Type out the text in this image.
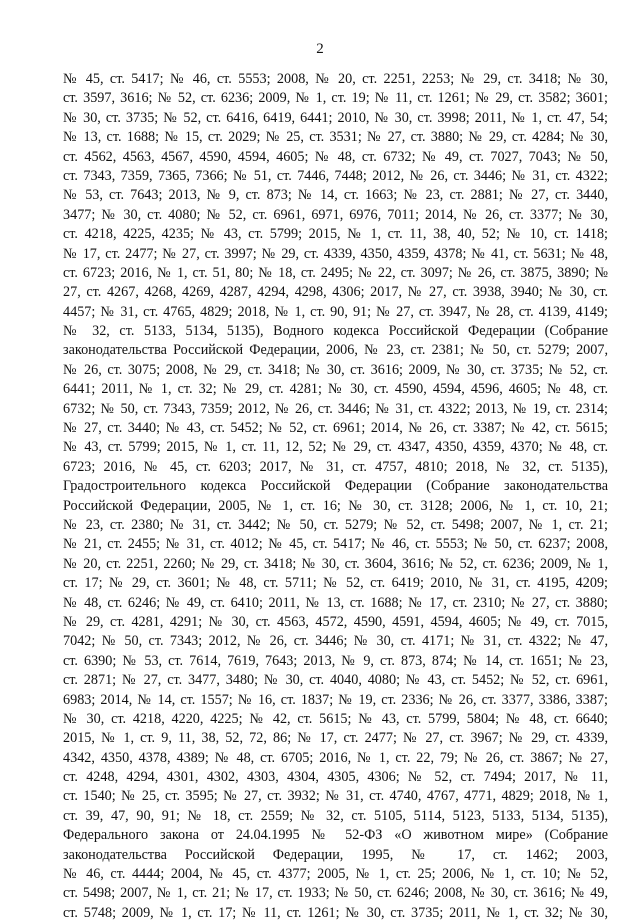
2
№ 45, ст. 5417; № 46, ст. 5553; 2008, № 20, ст. 2251, 2253; № 29, ст. 3418; № 30,
ст. 3597, 3616; № 52, ст. 6236; 2009, № 1, ст. 19; № 11, ст. 1261; № 29, ст. 3582; 3601;
№ 30, ст. 3735; № 52, ст. 6416, 6419, 6441; 2010, № 30, ст. 3998; 2011, № 1, ст. 47, 54;
№ 13, ст. 1688; № 15, ст. 2029; № 25, ст. 3531; № 27, ст. 3880; № 29, ст. 4284; № 30,
ст. 4562, 4563, 4567, 4590, 4594, 4605; № 48, ст. 6732; № 49, ст. 7027, 7043; № 50,
ст. 7343, 7359, 7365, 7366; № 51, ст. 7446, 7448; 2012, № 26, ст. 3446; № 31, ст. 4322;
№ 53, ст. 7643; 2013, № 9, ст. 873; № 14, ст. 1663; № 23, ст. 2881; № 27, ст. 3440,
3477; № 30, ст. 4080; № 52, ст. 6961, 6971, 6976, 7011; 2014, № 26, ст. 3377; № 30,
ст. 4218, 4225, 4235; № 43, ст. 5799; 2015, № 1, ст. 11, 38, 40, 52; № 10, ст. 1418;
№ 17, ст. 2477; № 27, ст. 3997; № 29, ст. 4339, 4350, 4359, 4378; № 41, ст. 5631; № 48,
ст. 6723; 2016, № 1, ст. 51, 80; № 18, ст. 2495; № 22, ст. 3097; № 26, ст. 3875, 3890; №
27, ст. 4267, 4268, 4269, 4287, 4294, 4298, 4306; 2017, № 27, ст. 3938, 3940; № 30, ст.
4457; № 31, ст. 4765, 4829; 2018, № 1, ст. 90, 91; № 27, ст. 3947, № 28, ст. 4139, 4149;
№ 32, ст. 5133, 5134, 5135), Водного кодекса Российской Федерации (Собрание
законодательства Российской Федерации, 2006, № 23, ст. 2381; № 50, ст. 5279; 2007,
№ 26, ст. 3075; 2008, № 29, ст. 3418; № 30, ст. 3616; 2009, № 30, ст. 3735; № 52, ст.
6441; 2011, № 1, ст. 32; № 29, ст. 4281; № 30, ст. 4590, 4594, 4596, 4605; № 48, ст.
6732; № 50, ст. 7343, 7359; 2012, № 26, ст. 3446; № 31, ст. 4322; 2013, № 19, ст. 2314;
№ 27, ст. 3440; № 43, ст. 5452; № 52, ст. 6961; 2014, № 26, ст. 3387; № 42, ст. 5615;
№ 43, ст. 5799; 2015, № 1, ст. 11, 12, 52; № 29, ст. 4347, 4350, 4359, 4370; № 48, ст.
6723; 2016, № 45, ст. 6203; 2017, № 31, ст. 4757, 4810; 2018, № 32, ст. 5135),
Градостроительного кодекса Российской Федерации (Собрание законодательства
Российской Федерации, 2005, № 1, ст. 16; № 30, ст. 3128; 2006, № 1, ст. 10, 21;
№ 23, ст. 2380; № 31, ст. 3442; № 50, ст. 5279; № 52, ст. 5498; 2007, № 1, ст. 21;
№ 21, ст. 2455; № 31, ст. 4012; № 45, ст. 5417; № 46, ст. 5553; № 50, ст. 6237; 2008,
№ 20, ст. 2251, 2260; № 29, ст. 3418; № 30, ст. 3604, 3616; № 52, ст. 6236; 2009, № 1,
ст. 17; № 29, ст. 3601; № 48, ст. 5711; № 52, ст. 6419; 2010, № 31, ст. 4195, 4209;
№ 48, ст. 6246; № 49, ст. 6410; 2011, № 13, ст. 1688; № 17, ст. 2310; № 27, ст. 3880;
№ 29, ст. 4281, 4291; № 30, ст. 4563, 4572, 4590, 4591, 4594, 4605; № 49, ст. 7015,
7042; № 50, ст. 7343; 2012, № 26, ст. 3446; № 30, ст. 4171; № 31, ст. 4322; № 47,
ст. 6390; № 53, ст. 7614, 7619, 7643; 2013, № 9, ст. 873, 874; № 14, ст. 1651; № 23,
ст. 2871; № 27, ст. 3477, 3480; № 30, ст. 4040, 4080; № 43, ст. 5452; № 52, ст. 6961,
6983; 2014, № 14, ст. 1557; № 16, ст. 1837; № 19, ст. 2336; № 26, ст. 3377, 3386, 3387;
№ 30, ст. 4218, 4220, 4225; № 42, ст. 5615; № 43, ст. 5799, 5804; № 48, ст. 6640;
2015, № 1, ст. 9, 11, 38, 52, 72, 86; № 17, ст. 2477; № 27, ст. 3967; № 29, ст. 4339,
4342, 4350, 4378, 4389; № 48, ст. 6705; 2016, № 1, ст. 22, 79; № 26, ст. 3867; № 27,
ст. 4248, 4294, 4301, 4302, 4303, 4304, 4305, 4306; № 52, ст. 7494; 2017, № 11,
ст. 1540; № 25, ст. 3595; № 27, ст. 3932; № 31, ст. 4740, 4767, 4771, 4829; 2018, № 1,
ст. 39, 47, 90, 91; № 18, ст. 2559; № 32, ст. 5105, 5114, 5123, 5133, 5134, 5135),
Федерального закона от 24.04.1995 № 52-ФЗ «О животном мире» (Собрание
законодательства Российской Федерации, 1995, № 17, ст. 1462; 2003,
№ 46, ст. 4444; 2004, № 45, ст. 4377; 2005, № 1, ст. 25; 2006, № 1, ст. 10; № 52,
ст. 5498; 2007, № 1, ст. 21; № 17, ст. 1933; № 50, ст. 6246; 2008, № 30, ст. 3616; № 49,
ст. 5748; 2009, № 1, ст. 17; № 11, ст. 1261; № 30, ст. 3735; 2011, № 1, ст. 32; № 30,
